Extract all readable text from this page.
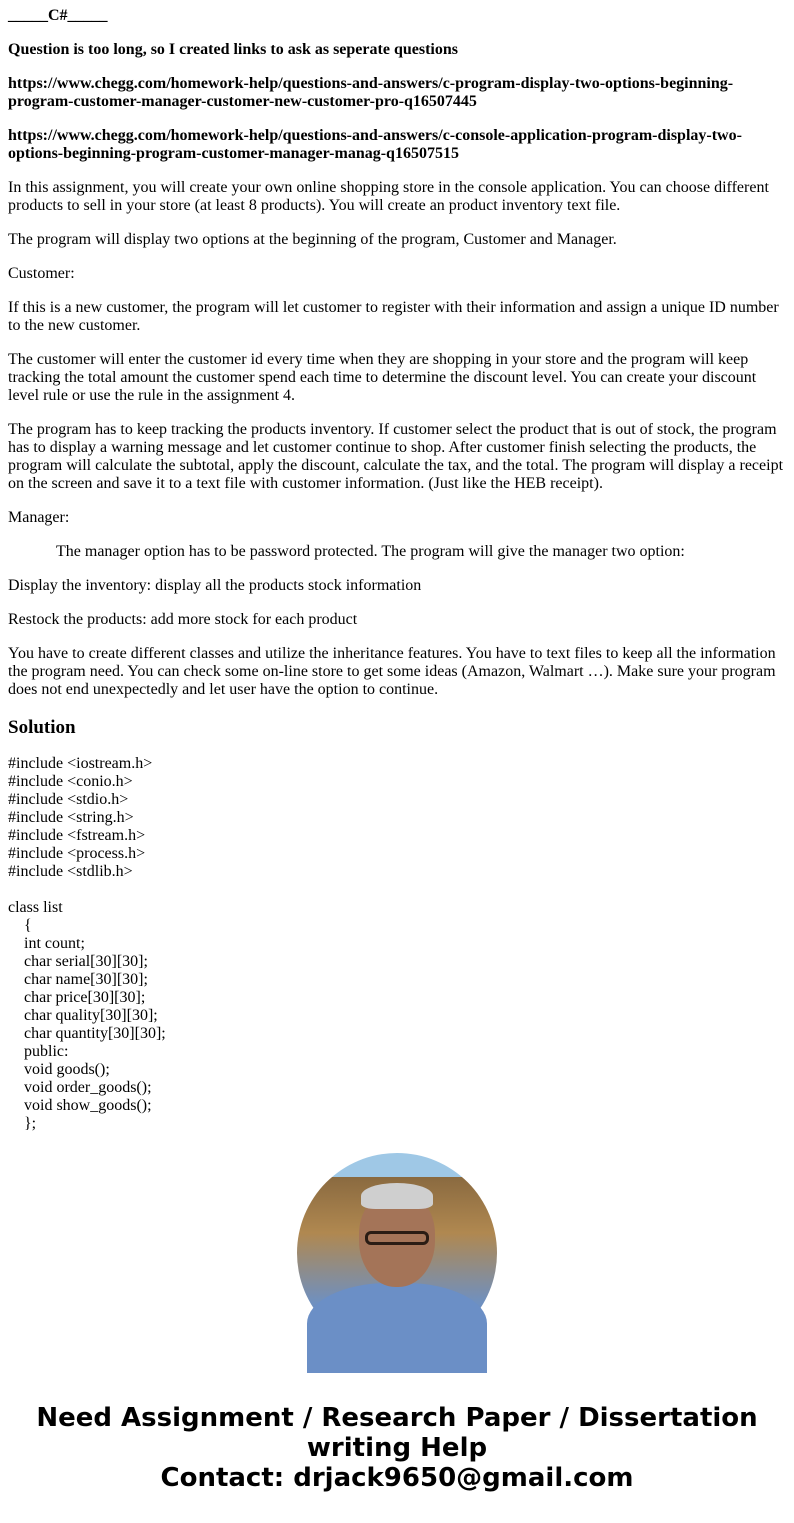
_____C#_____

Question is too long, so I created links to ask as seperate questions

https://www.chegg.com/homework-help/questions-and-answers/c-program-display-two-options-beginning-program-customer-manager-customer-new-customer-pro-q16507445

https://www.chegg.com/homework-help/questions-and-answers/c-console-application-program-display-two-options-beginning-program-customer-manager-manag-q16507515

In this assignment, you will create your own online shopping store in the console application. You can choose different products to sell in your store (at least 8 products). You will create an product inventory text file.

The program will display two options at the beginning of the program, Customer and Manager.

Customer:

If this is a new customer, the program will let customer to register with their information and assign a unique ID number to the new customer.

The customer will enter the customer id every time when they are shopping in your store and the program will keep tracking the total amount the customer spend each time to determine the discount level. You can create your discount level rule or use the rule in the assignment 4.

The program has to keep tracking the products inventory. If customer select the product that is out of stock, the program has to display a warning message and let customer continue to shop. After customer finish selecting the products, the program will calculate the subtotal, apply the discount, calculate the tax, and the total. The program will display a receipt on the screen and save it to a text file with customer information. (Just like the HEB receipt).

Manager:

The manager option has to be password protected. The program will give the manager two option:

Display the inventory: display all the products stock information

Restock the products: add more stock for each product

You have to create different classes and utilize the inheritance features. You have to text files to keep all the information the program need. You can check some on-line store to get some ideas (Amazon, Walmart …). Make sure your program does not end unexpectedly and let user have the option to continue.

Solution
#include <iostream.h>
#include <conio.h>
#include <stdio.h>
#include <string.h>
#include <fstream.h>
#include <process.h>
#include <stdlib.h>

class list
{
int count;
char serial[30][30];
char name[30][30];
char price[30][30];
char quality[30][30];
char quantity[30][30];
public:
void goods();
void order_goods();
void show_goods();
};
Need Assignment / Research Paper / Dissertation writing Help
Contact: drjack9650@gmail.com
